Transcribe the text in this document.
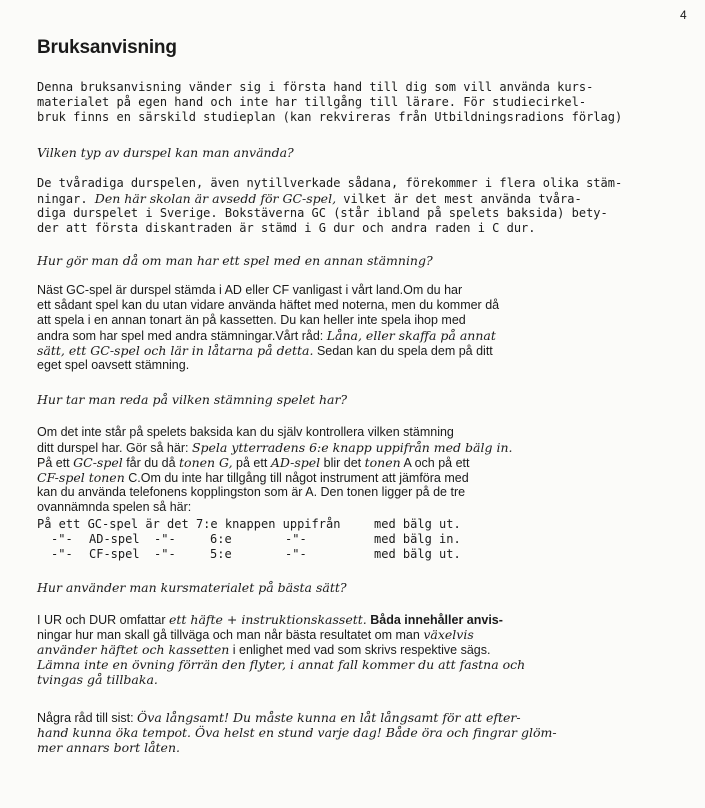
4
Bruksanvisning
Denna bruksanvisning vänder sig i första hand till dig som vill använda kurs-
materialet på egen hand och inte har tillgång till lärare. För studiecirkel-
bruk finns en särskild studieplan (kan rekvireras från Utbildningsradions förlag)
Vilken typ av durspel kan man använda?
De tvåradiga durspelen, även nytillverkade sådana, förekommer i flera olika stäm-
ningar. Den här skolan är avsedd för GC-spel, vilket är det mest använda tvåra-
diga durspelet i Sverige. Bokstäverna GC (står ibland på spelets baksida) bety-
der att första diskantraden är stämd i G dur och andra raden i C dur.
Hur gör man då om man har ett spel med en annan stämning?
Näst GC-spel är durspel stämda i AD eller CF vanligast i vårt land.Om du har
ett sådant spel kan du utan vidare använda häftet med noterna, men du kommer då
att spela i en annan tonart än på kassetten. Du kan heller inte spela ihop med
andra som har spel med andra stämningar.Vårt råd: Låna, eller skaffa på annat
sätt, ett GC-spel och lär in låtarna på detta. Sedan kan du spela dem på ditt
eget spel oavsett stämning.
Hur tar man reda på vilken stämning spelet har?
Om det inte står på spelets baksida kan du själv kontrollera vilken stämning
ditt durspel har. Gör så här: Spela ytterradens 6:e knapp uppifrån med bälg in.
På ett GC-spel får du då tonen G, på ett AD-spel blir det tonen A och på ett
CF-spel tonen C.Om du inte har tillgång till något instrument att jämföra med
kan du använda telefonens kopplingston som är A. Den tonen ligger på de tre
ovannämnda spelen så här:
På ett GC-spel är det 7:e knappen uppifrån	med bälg ut.
-"- AD-spel -"-	6:e	-"-	med bälg in.
-"- CF-spel -"-	5:e	-"-	med bälg ut.
Hur använder man kursmaterialet på bästa sätt?
I UR och DUR omfattar ett häfte + instruktionskassett. Båda innehåller anvis-
ningar hur man skall gå tillväga och man når bästa resultatet om man växelvis
använder häftet och kassetten i enlighet med vad som skrivs respektive sägs.
Lämna inte en övning förrän den flyter, i annat fall kommer du att fastna och
tvingas gå tillbaka.
Några råd till sist: Öva långsamt! Du måste kunna en låt långsamt för att efter-
hand kunna öka tempot. Öva helst en stund varje dag! Både öra och fingrar glöm-
mer annars bort låten.
